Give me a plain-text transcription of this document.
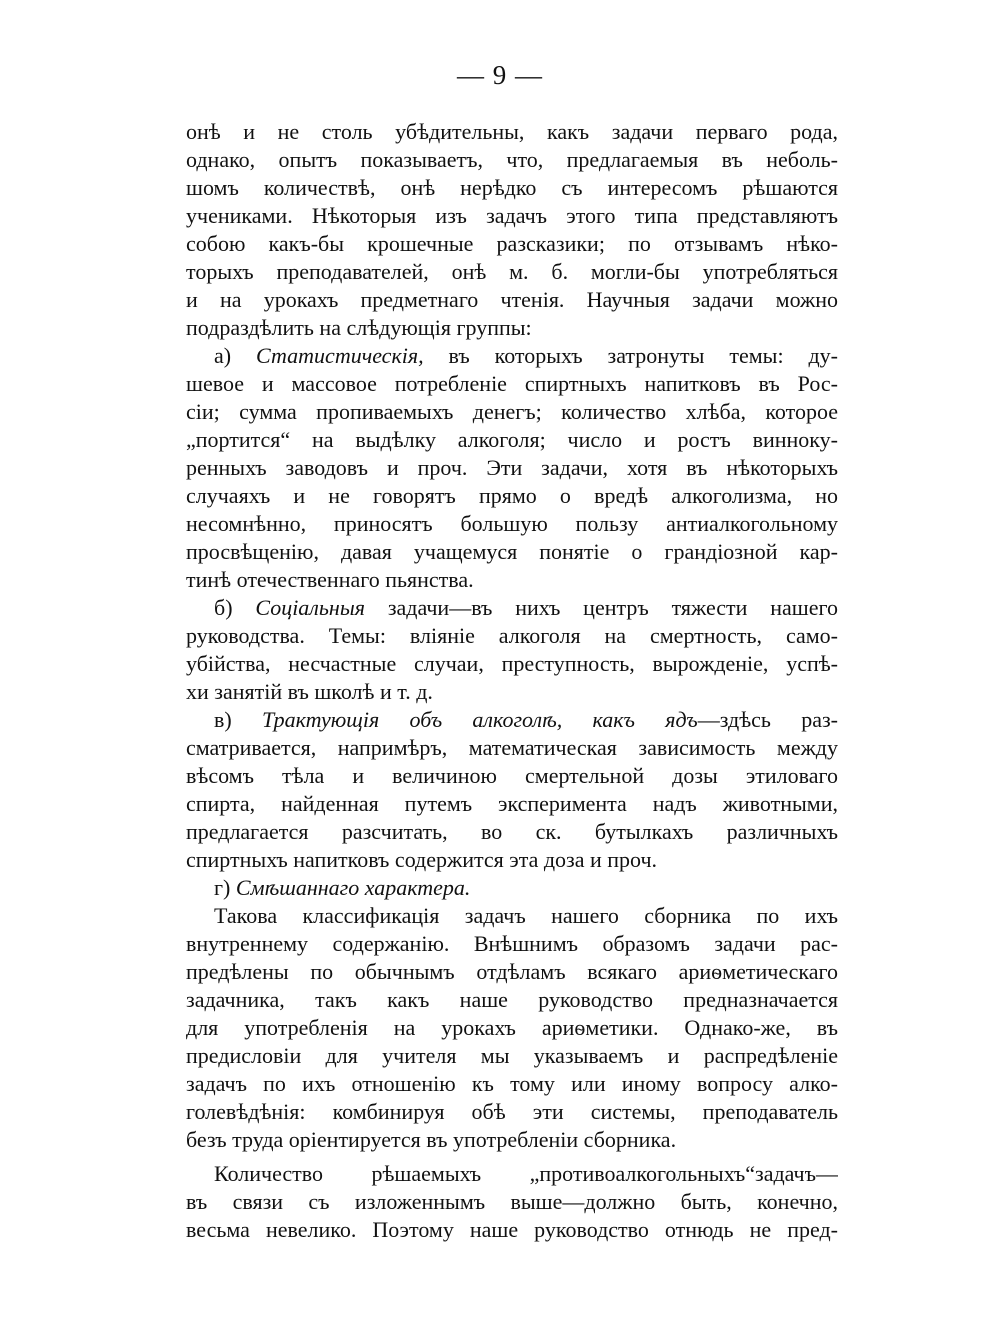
— 9 —
онѣ и не столь убѣдительны, какъ задачи перваго рода,
однако, опытъ показываетъ, что, предлагаемыя въ неболь-
шомъ количествѣ, онѣ нерѣдко съ интересомъ рѣшаются
учениками. Нѣкоторыя изъ задачъ этого типа представляютъ
собою какъ-бы крошечные разсказики; по отзывамъ нѣко-
торыхъ преподавателей, онѣ м. б. могли-бы употребляться
и на урокахъ предметнаго чтенія. Научныя задачи можно
подраздѣлить на слѣдующія группы:
а) Статистическія, въ которыхъ затронуты темы: ду-
шевое и массовое потребленіе спиртныхъ напитковъ въ Рос-
сіи; сумма пропиваемыхъ денегъ; количество хлѣба, которое
„портится“ на выдѣлку алкоголя; число и ростъ винноку-
ренныхъ заводовъ и проч. Эти задачи, хотя въ нѣкоторыхъ
случаяхъ и не говорятъ прямо о вредѣ алкоголизма, но
несомнѣнно, приносятъ большую пользу антиалкогольному
просвѣщенію, давая учащемуся понятіе о грандіозной кар-
тинѣ отечественнаго пьянства.
б) Соціальныя задачи—въ нихъ центръ тяжести нашего
руководства. Темы: вліяніе алкоголя на смертность, само-
убійства, несчастные случаи, преступность, вырожденіе, успѣ-
хи занятій въ школѣ и т. д.
в) Трактующія объ алкоголѣ, какъ ядъ—здѣсь раз-
сматривается, напримѣръ, математическая зависимость между
вѣсомъ тѣла и величиною смертельной дозы этиловаго
спирта, найденная путемъ эксперимента надъ животными,
предлагается разсчитать, во ск. бутылкахъ различныхъ
спиртныхъ напитковъ содержится эта доза и проч.
г) Смѣшаннаго характера.
Такова классификація задачъ нашего сборника по ихъ
внутреннему содержанію. Внѣшнимъ образомъ задачи рас-
предѣлены по обычнымъ отдѣламъ всякаго ариѳметическаго
задачника, такъ какъ наше руководство предназначается
для употребленія на урокахъ ариѳметики. Однако-же, въ
предисловіи для учителя мы указываемъ и распредѣленіе
задачъ по ихъ отношенію къ тому или иному вопросу алко-
голевѣдѣнія: комбинируя обѣ эти системы, преподаватель
безъ труда оріентируется въ употребленіи сборника.
Количество рѣшаемыхъ „противоалкогольныхъ“задачъ—
въ связи съ изложеннымъ выше—должно быть, конечно,
весьма невелико. Поэтому наше руководство отнюдь не пред-
